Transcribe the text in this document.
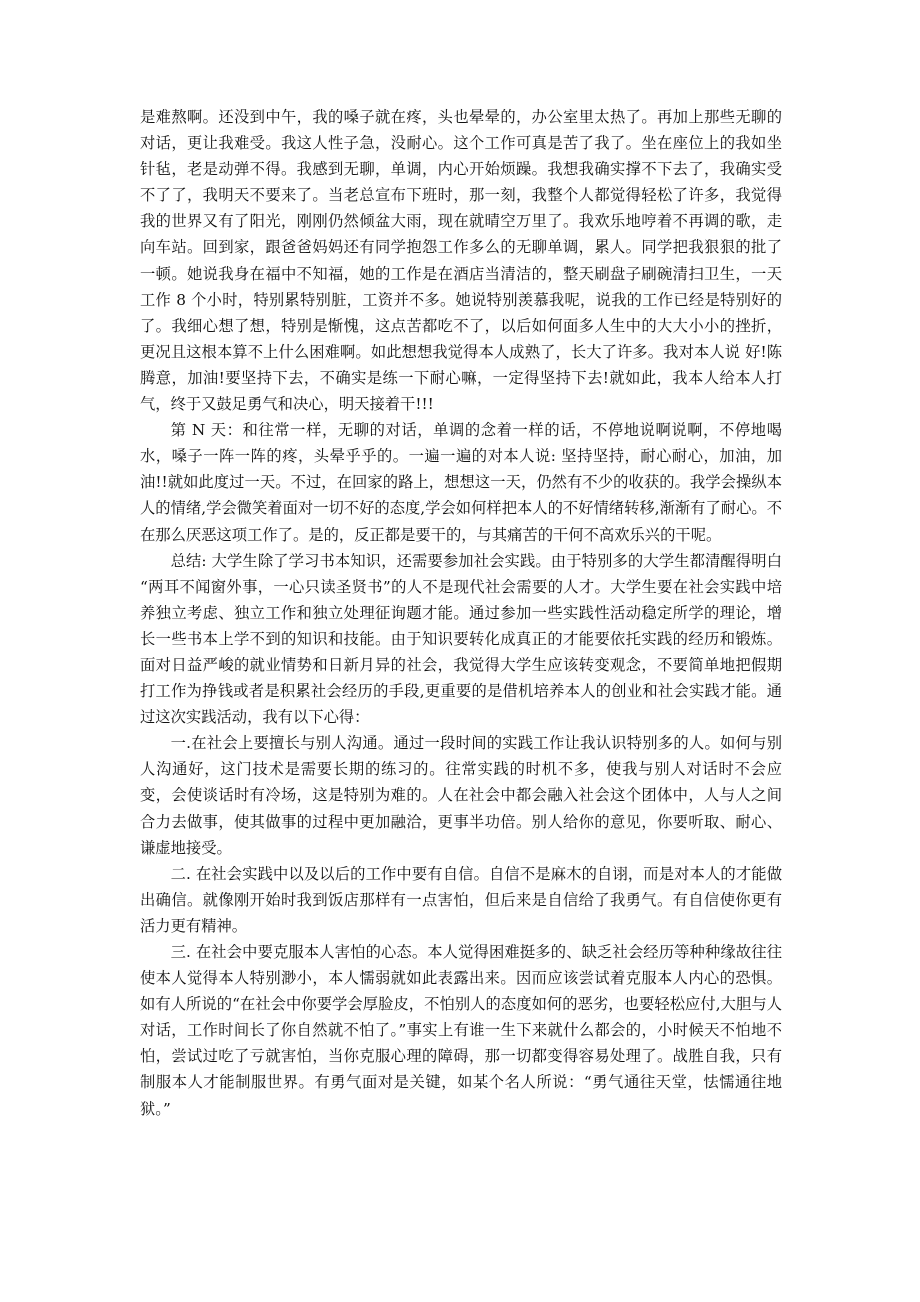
是难熬啊。还没到中午，我的嗓子就在疼，头也晕晕的，办公室里太热了。再加上那些无聊的对话，更让我难受。我这人性子急，没耐心。这个工作可真是苦了我了。坐在座位上的我如坐针毡，老是动弹不得。我感到无聊，单调，内心开始烦躁。我想我确实撑不下去了，我确实受不了了，我明天不要来了。当老总宣布下班时，那一刻，我整个人都觉得轻松了许多，我觉得我的世界又有了阳光，刚刚仍然倾盆大雨，现在就晴空万里了。我欢乐地哼着不再调的歌，走向车站。回到家，跟爸爸妈妈还有同学抱怨工作多么的无聊单调，累人。同学把我狠狠的批了一顿。她说我身在福中不知福，她的工作是在酒店当清洁的，整天刷盘子刷碗清扫卫生，一天工作 8 个小时，特别累特别脏，工资并不多。她说特别羡慕我呢，说我的工作已经是特别好的了。我细心想了想，特别是惭愧，这点苦都吃不了，以后如何面多人生中的大大小小的挫折，更况且这根本算不上什么困难啊。如此想想我觉得本人成熟了，长大了许多。我对本人说 好!陈腾意，加油!要坚持下去，不确实是练一下耐心嘛，一定得坚持下去!就如此，我本人给本人打气，终于又鼓足勇气和决心，明天接着干!!!

第 N 天：和往常一样，无聊的对话，单调的念着一样的话，不停地说啊说啊，不停地喝水，嗓子一阵一阵的疼，头晕乎乎的。一遍一遍的对本人说: 坚持坚持，耐心耐心，加油，加油!!就如此度过一天。不过，在回家的路上，想想这一天，仍然有不少的收获的。我学会操纵本人的情绪,学会微笑着面对一切不好的态度,学会如何样把本人的不好情绪转移,渐渐有了耐心。不在那么厌恶这项工作了。是的，反正都是要干的，与其痛苦的干何不高欢乐兴的干呢。

总结: 大学生除了学习书本知识，还需要参加社会实践。由于特别多的大学生都清醒得明白 “两耳不闻窗外事，一心只读圣贤书”的人不是现代社会需要的人才。大学生要在社会实践中培养独立考虑、独立工作和独立处理征询题才能。通过参加一些实践性活动稳定所学的理论，增长一些书本上学不到的知识和技能。由于知识要转化成真正的才能要依托实践的经历和锻炼。面对日益严峻的就业情势和日新月异的社会，我觉得大学生应该转变观念，不要简单地把假期打工作为挣钱或者是积累社会经历的手段,更重要的是借机培养本人的创业和社会实践才能。通过这次实践活动，我有以下心得：

一.在社会上要擅长与别人沟通。通过一段时间的实践工作让我认识特别多的人。如何与别人沟通好，这门技术是需要长期的练习的。往常实践的时机不多，使我与别人对话时不会应变，会使谈话时有冷场，这是特别为难的。人在社会中都会融入社会这个团体中，人与人之间合力去做事，使其做事的过程中更加融洽，更事半功倍。别人给你的意见，你要听取、耐心、谦虚地接受。

二. 在社会实践中以及以后的工作中要有自信。自信不是麻木的自诩，而是对本人的才能做出确信。就像刚开始时我到饭店那样有一点害怕，但后来是自信给了我勇气。有自信使你更有活力更有精神。

三. 在社会中要克服本人害怕的心态。本人觉得困难挺多的、缺乏社会经历等种种缘故往往使本人觉得本人特别渺小，本人懦弱就如此表露出来。因而应该尝试着克服本人内心的恐惧。如有人所说的“在社会中你要学会厚脸皮，不怕别人的态度如何的恶劣，也要轻松应付,大胆与人对话，工作时间长了你自然就不怕了。”事实上有谁一生下来就什么都会的，小时候天不怕地不怕，尝试过吃了亏就害怕，当你克服心理的障碍，那一切都变得容易处理了。战胜自我，只有制服本人才能制服世界。有勇气面对是关键，如某个名人所说：“勇气通往天堂，怯懦通往地狱。”
